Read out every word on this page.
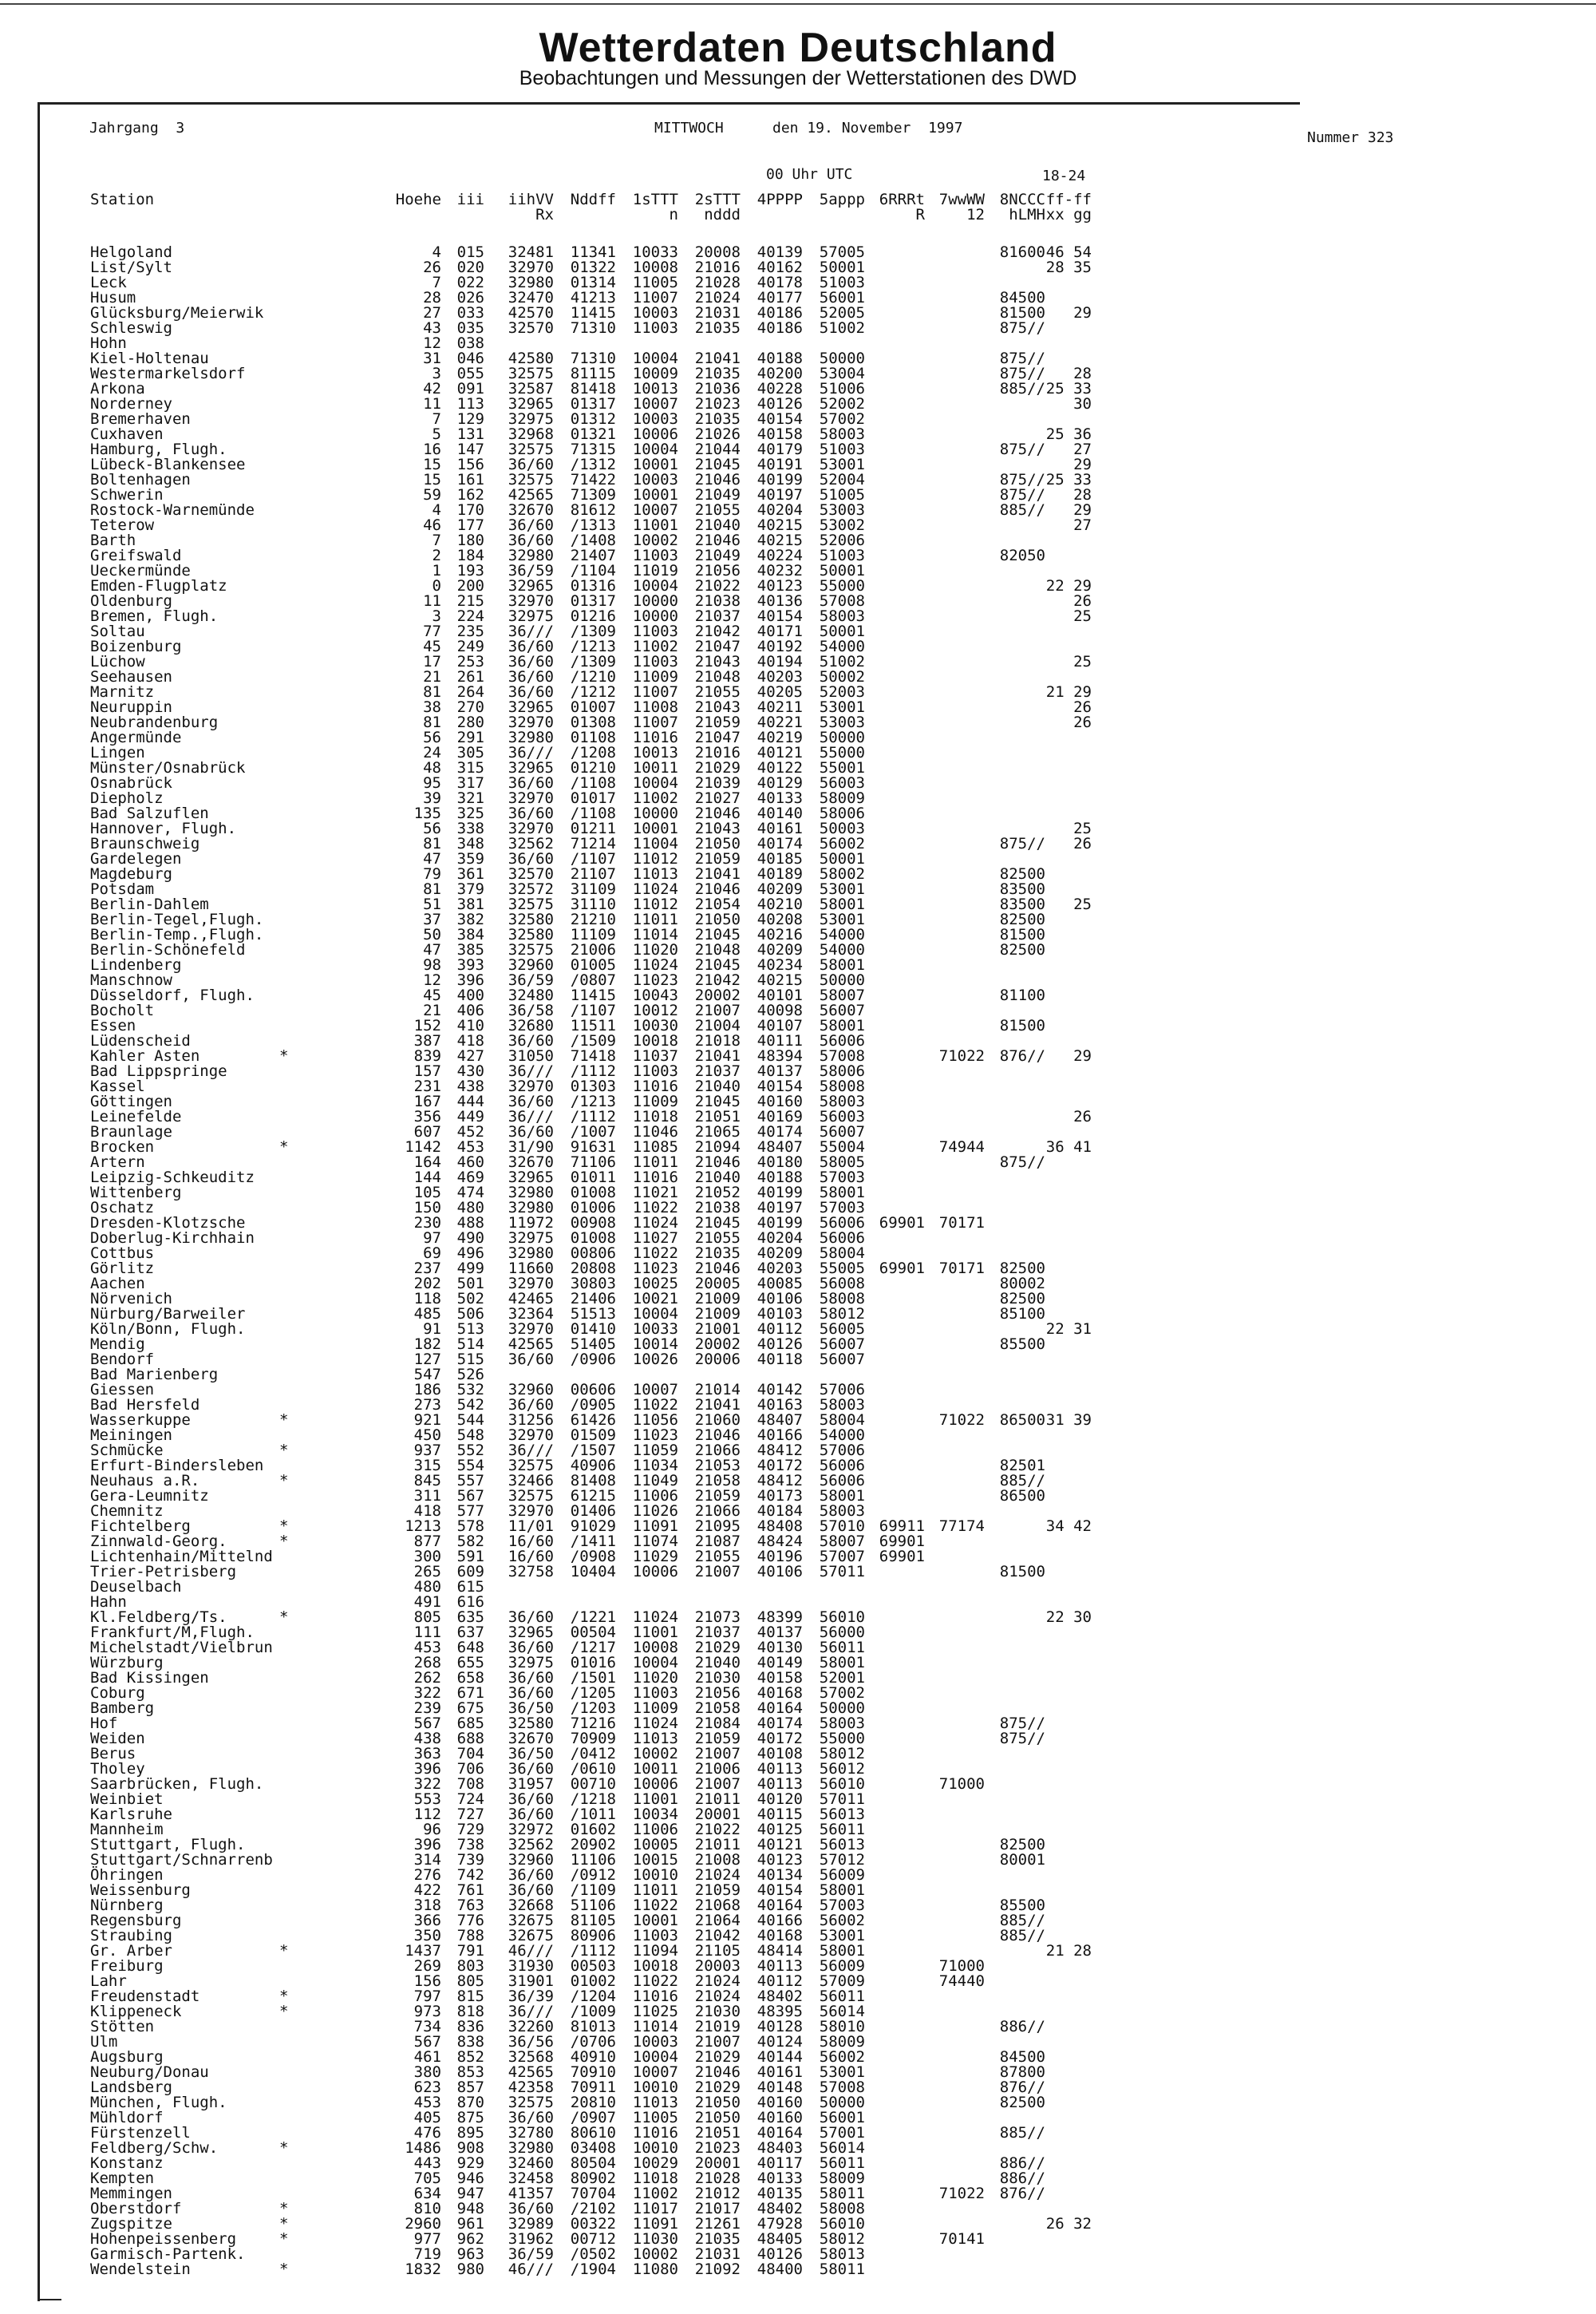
Wetterdaten Deutschland
Beobachtungen und Messungen der Wetterstationen des DWD
Jahrgang  3	MITTWOCH	den 19. November  1997
Nummer 323
00 Uhr UTC	18-24
Station	Hoehe	iii	iihVV	Nddff	1sTTT	2sTTT	4PPPP	5appp	6RRRt	7wwWW	8NCCC	ff-ff
			Rx		n	nddd			R	12	hLMH	xx gg
Helgoland	4	015	32481	11341	10033	20008	40139	57005			81600	46 54
List/Sylt	26	020	32970	01322	10008	21016	40162	50001				28 35
Leck	7	022	32980	01314	11005	21028	40178	51003				
Husum	28	026	32470	41213	11007	21024	40177	56001			84500	
Glücksburg/Meierwik	27	033	42570	11415	10003	21031	40186	52005			81500	29
Schleswig	43	035	32570	71310	11003	21035	40186	51002			875//	
Hohn	12	038										
Kiel-Holtenau	31	046	42580	71310	10004	21041	40188	50000			875//	
Westermarkelsdorf	3	055	32575	81115	10009	21035	40200	53004			875//	28
Arkona	42	091	32587	81418	10013	21036	40228	51006			885//	25 33
Norderney	11	113	32965	01317	10007	21023	40126	52002				30
Bremerhaven	7	129	32975	01312	10003	21035	40154	57002				
Cuxhaven	5	131	32968	01321	10006	21026	40158	58003				25 36
Hamburg, Flugh.	16	147	32575	71315	10004	21044	40179	51003			875//	27
Lübeck-Blankensee	15	156	36/60	/1312	10001	21045	40191	53001				29
Boltenhagen	15	161	32575	71422	10003	21046	40199	52004			875//	25 33
Schwerin	59	162	42565	71309	10001	21049	40197	51005			875//	28
Rostock-Warnemünde	4	170	32670	81612	10007	21055	40204	53003			885//	29
Teterow	46	177	36/60	/1313	11001	21040	40215	53002				27
Barth	7	180	36/60	/1408	10002	21046	40215	52006				
Greifswald	2	184	32980	21407	11003	21049	40224	51003			82050	
Ueckermünde	1	193	36/59	/1104	11019	21056	40232	50001				
Emden-Flugplatz	0	200	32965	01316	10004	21022	40123	55000				22 29
Oldenburg	11	215	32970	01317	10000	21038	40136	57008				26
Bremen, Flugh.	3	224	32975	01216	10000	21037	40154	58003				25
Soltau	77	235	36///	/1309	11003	21042	40171	50001				
Boizenburg	45	249	36/60	/1213	11002	21047	40192	54000				
Lüchow	17	253	36/60	/1309	11003	21043	40194	51002				25
Seehausen	21	261	36/60	/1210	11009	21048	40203	50002				
Marnitz	81	264	36/60	/1212	11007	21055	40205	52003				21 29
Neuruppin	38	270	32965	01007	11008	21043	40211	53001				26
Neubrandenburg	81	280	32970	01308	11007	21059	40221	53003				26
Angermünde	56	291	32980	01108	11016	21047	40219	50000				
Lingen	24	305	36///	/1208	10013	21016	40121	55000				
Münster/Osnabrück	48	315	32965	01210	10011	21029	40122	55001				
Osnabrück	95	317	36/60	/1108	10004	21039	40129	56003				
Diepholz	39	321	32970	01017	11002	21027	40133	58009				
Bad Salzuflen	135	325	36/60	/1108	10000	21046	40140	58006				
Hannover, Flugh.	56	338	32970	01211	10001	21043	40161	50003				25
Braunschweig	81	348	32562	71214	11004	21050	40174	56002			875//	26
Gardelegen	47	359	36/60	/1107	11012	21059	40185	50001				
Magdeburg	79	361	32570	21107	11013	21041	40189	58002			82500	
Potsdam	81	379	32572	31109	11024	21046	40209	53001			83500	
Berlin-Dahlem	51	381	32575	31110	11012	21054	40210	58001			83500	25
Berlin-Tegel,Flugh.	37	382	32580	21210	11011	21050	40208	53001			82500	
Berlin-Temp.,Flugh.	50	384	32580	11109	11014	21045	40216	54000			81500	
Berlin-Schönefeld	47	385	32575	21006	11020	21048	40209	54000			82500	
Lindenberg	98	393	32960	01005	11024	21045	40234	58001				
Manschnow	12	396	36/59	/0807	11023	21042	40215	50000				
Düsseldorf, Flugh.	45	400	32480	11415	10043	20002	40101	58007			81100	
Bocholt	21	406	36/58	/1107	10012	21007	40098	56007				
Essen	152	410	32680	11511	10030	21004	40107	58001			81500	
Lüdenscheid	387	418	36/60	/1509	10018	21018	40111	56006				
Kahler Asten *	839	427	31050	71418	11037	21041	48394	57008		71022	876//	29
Bad Lippspringe	157	430	36///	/1112	11003	21037	40137	58006				
Kassel	231	438	32970	01303	11016	21040	40154	58008				
Göttingen	167	444	36/60	/1213	11009	21045	40160	58003				
Leinefelde	356	449	36///	/1112	11018	21051	40169	56003				26
Braunlage	607	452	36/60	/1007	11046	21065	40174	56007				
Brocken *	1142	453	31/90	91631	11085	21094	48407	55004		74944		36 41
Artern	164	460	32670	71106	11011	21046	40180	58005			875//	
Leipzig-Schkeuditz	144	469	32965	01011	11016	21040	40188	57003				
Wittenberg	105	474	32980	01008	11021	21052	40199	58001				
Oschatz	150	480	32980	01006	11022	21038	40197	57003				
Dresden-Klotzsche	230	488	11972	00908	11024	21045	40199	56006	69901	70171		
Doberlug-Kirchhain	97	490	32975	01008	11027	21055	40204	56006				
Cottbus	69	496	32980	00806	11022	21035	40209	58004				
Görlitz	237	499	11660	20808	11023	21046	40203	55005	69901	70171	82500	
Aachen	202	501	32970	30803	10025	20005	40085	56008			80002	
Nörvenich	118	502	42465	21406	10021	21009	40106	58008			82500	
Nürburg/Barweiler	485	506	32364	51513	10004	21009	40103	58012			85100	
Köln/Bonn, Flugh.	91	513	32970	01410	10033	21001	40112	56005				22 31
Mendig	182	514	42565	51405	10014	20002	40126	56007			85500	
Bendorf	127	515	36/60	/0906	10026	20006	40118	56007				
Bad Marienberg	547	526										
Giessen	186	532	32960	00606	10007	21014	40142	57006				
Bad Hersfeld	273	542	36/60	/0905	11022	21041	40163	58003				
Wasserkuppe *	921	544	31256	61426	11056	21060	48407	58004		71022	86500	31 39
Meiningen	450	548	32970	01509	11023	21046	40166	54000				
Schmücke *	937	552	36///	/1507	11059	21066	48412	57006				
Erfurt-Bindersleben	315	554	32575	40906	11034	21053	40172	56006			82501	
Neuhaus a.R. *	845	557	32466	81408	11049	21058	48412	56006			885//	
Gera-Leumnitz	311	567	32575	61215	11006	21059	40173	58001			86500	
Chemnitz	418	577	32970	01406	11026	21066	40184	58003				
Fichtelberg *	1213	578	11/01	91029	11091	21095	48408	57010	69911	77174		34 42
Zinnwald-Georg. *	877	582	16/60	/1411	11074	21087	48424	58007	69901			
Lichtenhain/Mittelnd	300	591	16/60	/0908	11029	21055	40196	57007	69901			
Trier-Petrisberg	265	609	32758	10404	10006	21007	40106	57011			81500	
Deuselbach	480	615										
Hahn	491	616										
Kl.Feldberg/Ts. *	805	635	36/60	/1221	11024	21073	48399	56010				22 30
Frankfurt/M,Flugh.	111	637	32965	00504	11001	21037	40137	56000				
Michelstadt/Vielbrun	453	648	36/60	/1217	10008	21029	40130	56011				
Würzburg	268	655	32975	01016	10004	21040	40149	58001				
Bad Kissingen	262	658	36/60	/1501	11020	21030	40158	52001				
Coburg	322	671	36/60	/1205	11003	21056	40168	57002				
Bamberg	239	675	36/50	/1203	11009	21058	40164	50000				
Hof	567	685	32580	71216	11024	21084	40174	58003			875//	
Weiden	438	688	32670	70909	11013	21059	40172	55000			875//	
Berus	363	704	36/50	/0412	10002	21007	40108	58012				
Tholey	396	706	36/60	/0610	10011	21006	40113	56012				
Saarbrücken, Flugh.	322	708	31957	00710	10006	21007	40113	56010		71000		
Weinbiet	553	724	36/60	/1218	11001	21011	40120	57011				
Karlsruhe	112	727	36/60	/1011	10034	20001	40115	56013				
Mannheim	96	729	32972	01602	11006	21022	40125	56011				
Stuttgart, Flugh.	396	738	32562	20902	10005	21011	40121	56013			82500	
Stuttgart/Schnarrenb	314	739	32960	11106	10015	21008	40123	57012			80001	
Öhringen	276	742	36/60	/0912	10010	21024	40134	56009				
Weissenburg	422	761	36/60	/1109	11011	21059	40154	58001				
Nürnberg	318	763	32668	51106	11022	21068	40164	57003			85500	
Regensburg	366	776	32675	81105	10001	21064	40166	56002			885//	
Straubing	350	788	32675	80906	11003	21042	40168	53001			885//	
Gr. Arber *	1437	791	46///	/1112	11094	21105	48414	58001				21 28
Freiburg	269	803	31930	00503	10018	20003	40113	56009		71000		
Lahr	156	805	31901	01002	11022	21024	40112	57009		74440		
Freudenstadt *	797	815	36/39	/1204	11016	21024	48402	56011				
Klippeneck *	973	818	36///	/1009	11025	21030	48395	56014				
Stötten	734	836	32260	81013	11014	21019	40128	58010			886//	
Ulm	567	838	36/56	/0706	10003	21007	40124	58009				
Augsburg	461	852	32568	40910	10004	21029	40144	56002			84500	
Neuburg/Donau	380	853	42565	70910	10007	21046	40161	53001			87800	
Landsberg	623	857	42358	70911	10010	21029	40148	57008			876//	
München, Flugh.	453	870	32575	20810	11013	21050	40160	50000			82500	
Mühldorf	405	875	36/60	/0907	11005	21050	40160	56001				
Fürstenzell	476	895	32780	80610	11016	21051	40164	57001			885//	
Feldberg/Schw. *	1486	908	32980	03408	10010	21023	48403	56014				
Konstanz	443	929	32460	80504	10029	20001	40117	56011			886//	
Kempten	705	946	32458	80902	11018	21028	40133	58009			886//	
Memmingen	634	947	41357	70704	11002	21012	40135	58011		71022	876//	
Oberstdorf *	810	948	36/60	/2102	11017	21017	48402	58008				
Zugspitze *	2960	961	32989	00322	11091	21261	47928	56010				26 32
Hohenpeissenberg *	977	962	31962	00712	11030	21035	48405	58012		70141		
Garmisch-Partenk.	719	963	36/59	/0502	10002	21031	40126	58013				
Wendelstein *	1832	980	46///	/1904	11080	21092	48400	58011				
